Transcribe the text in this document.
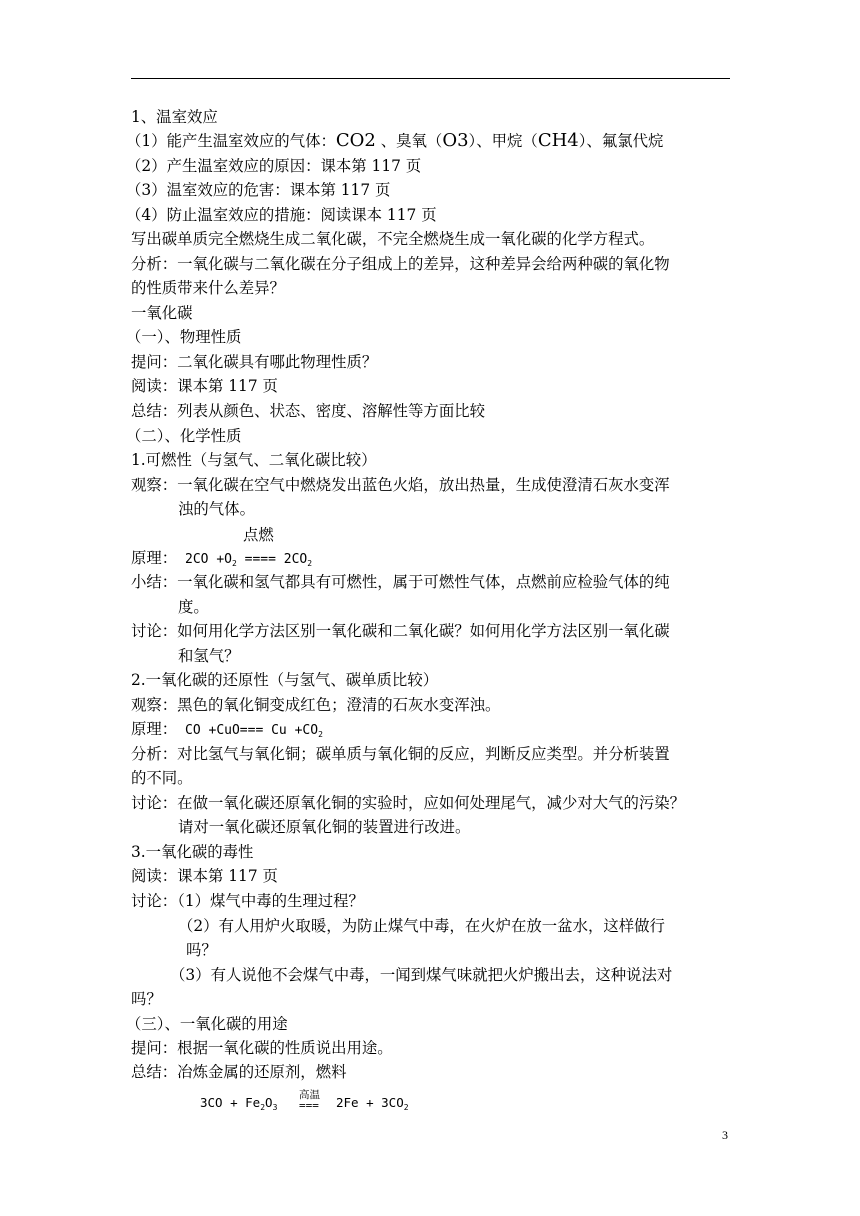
1、温室效应
（1）能产生温室效应的气体：CO2 、臭氧（O3）、甲烷（CH4）、氟氯代烷
（2）产生温室效应的原因：课本第 117 页
（3）温室效应的危害：课本第 117 页
（4）防止温室效应的措施：阅读课本 117 页
写出碳单质完全燃烧生成二氧化碳，不完全燃烧生成一氧化碳的化学方程式。
分析：一氧化碳与二氧化碳在分子组成上的差异，这种差异会给两种碳的氧化物
的性质带来什么差异？
一氧化碳
（一）、物理性质
提问：二氧化碳具有哪此物理性质？
阅读：课本第 117 页
总结：列表从颜色、状态、密度、溶解性等方面比较
（二）、化学性质
1.可燃性（与氢气、二氧化碳比较）
观察：一氧化碳在空气中燃烧发出蓝色火焰，放出热量，生成使澄清石灰水变浑
浊的气体。
点燃
原理： $2CO +O_2$ ==== $2CO_2$
小结：一氧化碳和氢气都具有可燃性，属于可燃性气体，点燃前应检验气体的纯
度。
讨论：如何用化学方法区别一氧化碳和二氧化碳？如何用化学方法区别一氧化碳
和氢气？
2.一氧化碳的还原性（与氢气、碳单质比较）
观察：黑色的氧化铜变成红色；澄清的石灰水变浑浊。
原理： CO $+CuO=== Cu +CO_2$
分析：对比氢气与氧化铜；碳单质与氧化铜的反应，判断反应类型。并分析装置
的不同。
讨论：在做一氧化碳还原氧化铜的实验时，应如何处理尾气，减少对大气的污染？
请对一氧化碳还原氧化铜的装置进行改进。
3.一氧化碳的毒性
阅读：课本第 117 页
讨论：（1）煤气中毒的生理过程？
（2）有人用炉火取暖，为防止煤气中毒，在火炉在放一盆水，这样做行
吗？
（3）有人说他不会煤气中毒，一闻到煤气味就把火炉搬出去，这种说法对
吗？
（三）、一氧化碳的用途
提问：根据一氧化碳的性质说出用途。
总结：冶炼金属的还原剂，燃料
$3CO + Fe_2O_3$
高温
=== $2Fe + 3CO_2$
3
